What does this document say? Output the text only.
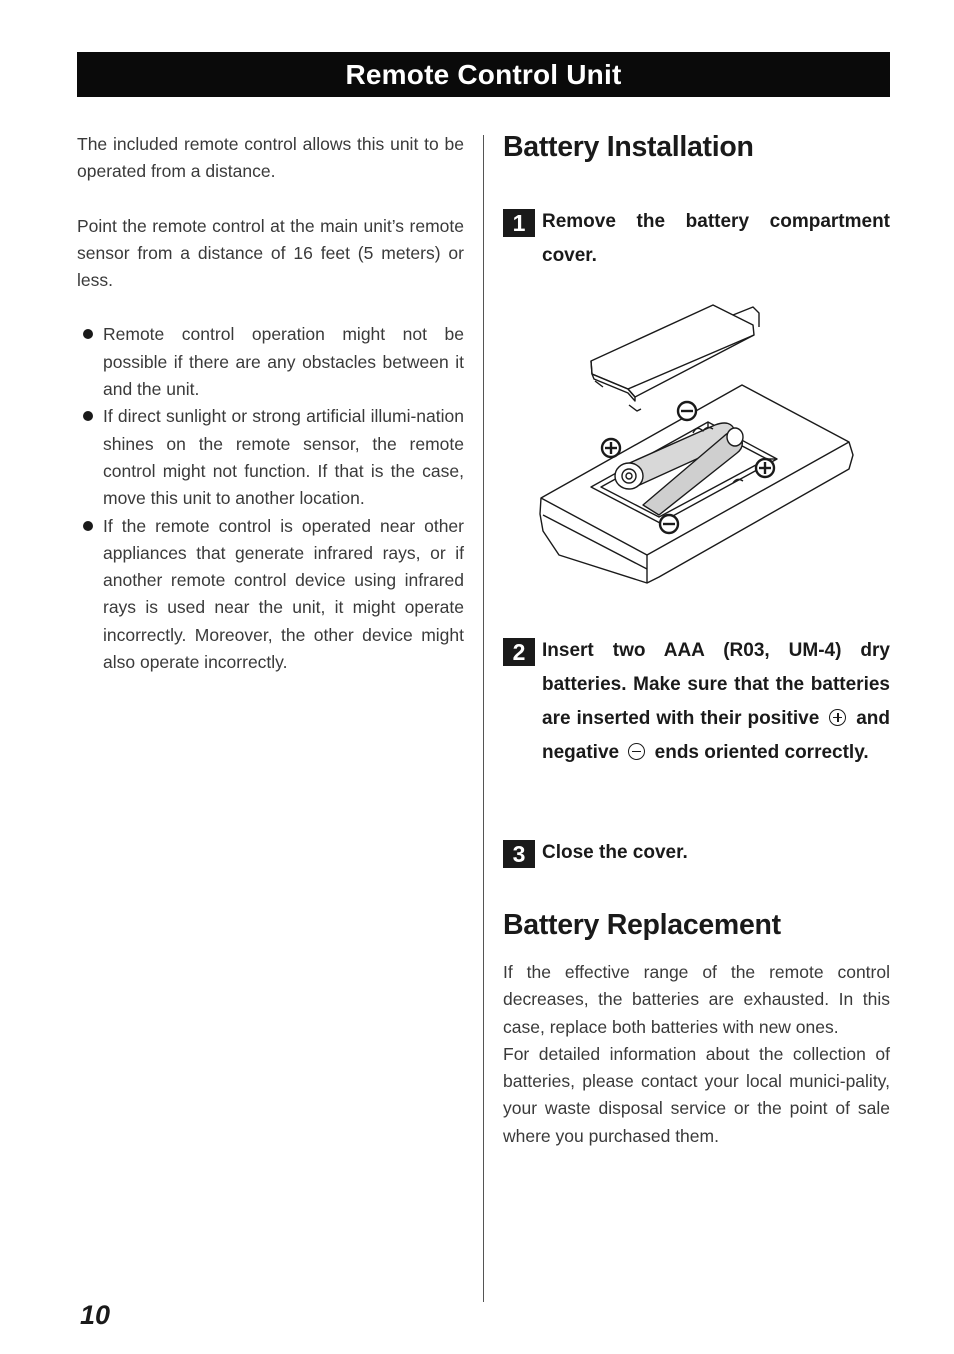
Remote Control Unit

The included remote control allows this unit to be operated from a distance.

Point the remote control at the main unit’s remote sensor from a distance of 16 feet (5 meters) or less.

Remote control operation might not be possible if there are any obstacles between it and the unit.
If direct sunlight or strong artificial illumi-nation shines on the remote sensor, the remote control might not function. If that is the case, move this unit to another location.
If the remote control is operated near other appliances that generate infrared rays, or if another remote control device using infrared rays is used near the unit, it might operate incorrectly. Moreover, the other device might also operate incorrectly.
Battery Installation
1 Remove the battery compartment cover.
2 Insert two AAA (R03, UM-4) dry batteries. Make sure that the batteries are inserted with their positive and negative ends oriented correctly.
3 Close the cover.
Battery Replacement

If the effective range of the remote control decreases, the batteries are exhausted. In this case, replace both batteries with new ones.

For detailed information about the collection of batteries, please contact your local munici-pality, your waste disposal service or the point of sale where you purchased them.

10
